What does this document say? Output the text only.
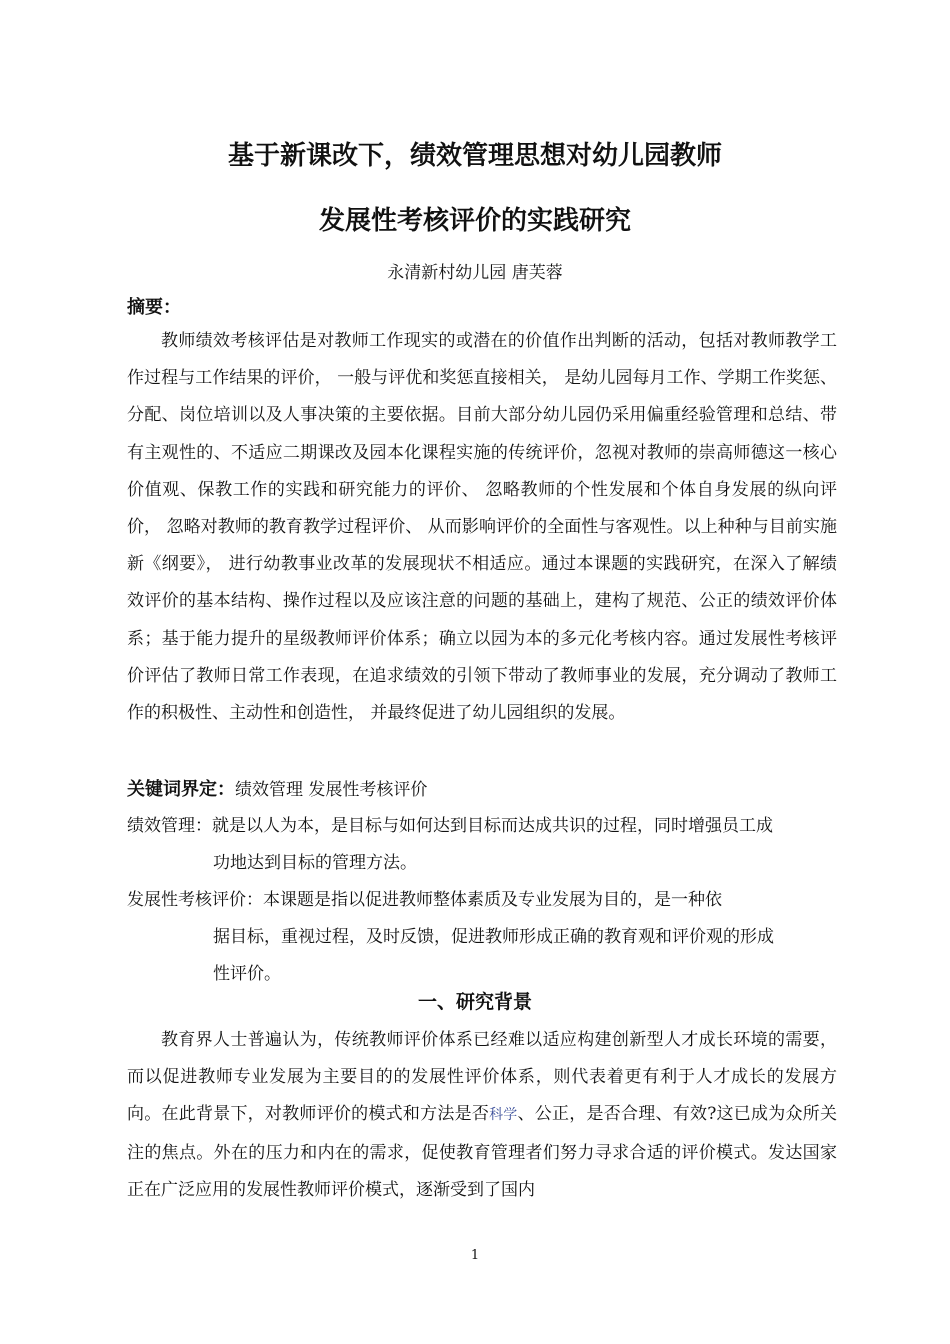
基于新课改下，绩效管理思想对幼儿园教师
发展性考核评价的实践研究
永清新村幼儿园 唐芙蓉
摘要：

教师绩效考核评估是对教师工作现实的或潜在的价值作出判断的活动，包括对教师教学工作过程与工作结果的评价， 一般与评优和奖惩直接相关， 是幼儿园每月工作、学期工作奖惩、分配、岗位培训以及人事决策的主要依据。目前大部分幼儿园仍采用偏重经验管理和总结、带有主观性的、不适应二期课改及园本化课程实施的传统评价，忽视对教师的崇高师德这一核心价值观、保教工作的实践和研究能力的评价、 忽略教师的个性发展和个体自身发展的纵向评价， 忽略对教师的教育教学过程评价、 从而影响评价的全面性与客观性。以上种种与目前实施新《纲要》， 进行幼教事业改革的发展现状不相适应。通过本课题的实践研究，在深入了解绩效评价的基本结构、操作过程以及应该注意的问题的基础上，建构了规范、公正的绩效评价体系；基于能力提升的星级教师评价体系；确立以园为本的多元化考核内容。通过发展性考核评价评估了教师日常工作表现，在追求绩效的引领下带动了教师事业的发展，充分调动了教师工作的积极性、主动性和创造性， 并最终促进了幼儿园组织的发展。

关键词界定：绩效管理 发展性考核评价

绩效管理：就是以人为本，是目标与如何达到目标而达成共识的过程，同时增强员工成
功地达到目标的管理方法。

发展性考核评价：本课题是指以促进教师整体素质及专业发展为目的，是一种依
据目标，重视过程，及时反馈，促进教师形成正确的教育观和评价观的形成
性评价。

一、研究背景

教育界人士普遍认为，传统教师评价体系已经难以适应构建创新型人才成长环境的需要，而以促进教师专业发展为主要目的的发展性评价体系，则代表着更有利于人才成长的发展方向。在此背景下，对教师评价的模式和方法是否科学、公正，是否合理、有效?这已成为众所关注的焦点。外在的压力和内在的需求，促使教育管理者们努力寻求合适的评价模式。发达国家正在广泛应用的发展性教师评价模式，逐渐受到了国内

1
